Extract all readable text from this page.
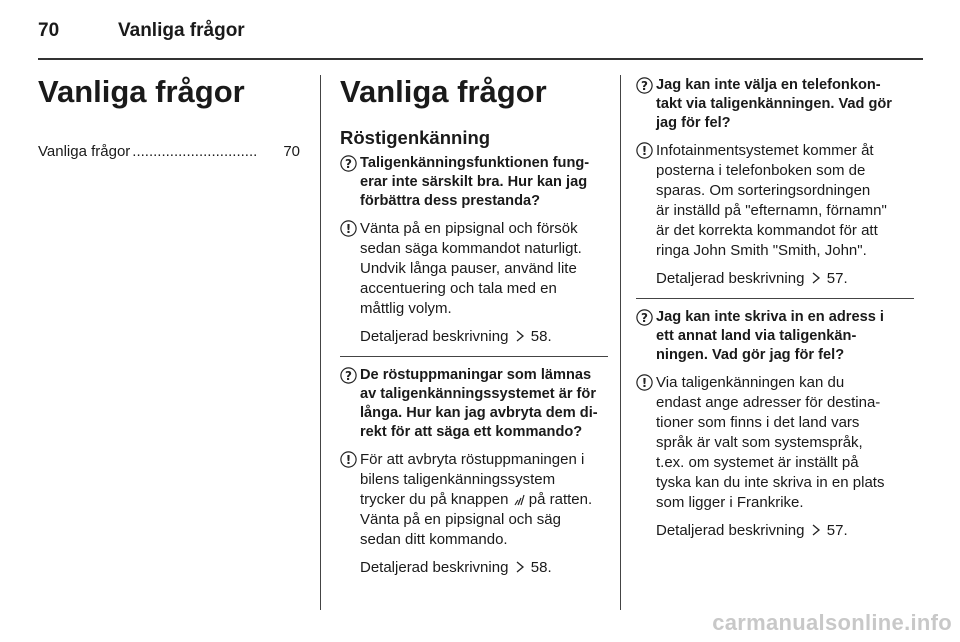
70	Vanliga frågor
Vanliga frågor
Vanliga frågor ..............................	70
Vanliga frågor
Röstigenkänning
? Taligenkänningsfunktionen fung-
erar inte särskilt bra. Hur kan jag
förbättra dess prestanda?
! Vänta på en pipsignal och försök
sedan säga kommandot naturligt.
Undvik långa pauser, använd lite
accentuering och tala med en
måttlig volym.
Detaljerad beskrivning 58.
? De röstuppmaningar som lämnas
av taligenkänningssystemet är för
långa. Hur kan jag avbryta dem di-
rekt för att säga ett kommando?
! För att avbryta röstuppmaningen i
bilens taligenkänningssystem
trycker du på knappen på ratten.
Vänta på en pipsignal och säg
sedan ditt kommando.
Detaljerad beskrivning 58.
? Jag kan inte välja en telefonkon-
takt via taligenkänningen. Vad gör
jag för fel?
! Infotainmentsystemet kommer åt
posterna i telefonboken som de
sparas. Om sorteringsordningen
är inställd på "efternamn, förnamn"
är det korrekta kommandot för att
ringa John Smith "Smith, John".
Detaljerad beskrivning 57.
? Jag kan inte skriva in en adress i
ett annat land via taligenkän-
ningen. Vad gör jag för fel?
! Via taligenkänningen kan du
endast ange adresser för destina-
tioner som finns i det land vars
språk är valt som systemspråk,
t.ex. om systemet är inställt på
tyska kan du inte skriva in en plats
som ligger i Frankrike.
Detaljerad beskrivning 57.
carmanualsonline.info
